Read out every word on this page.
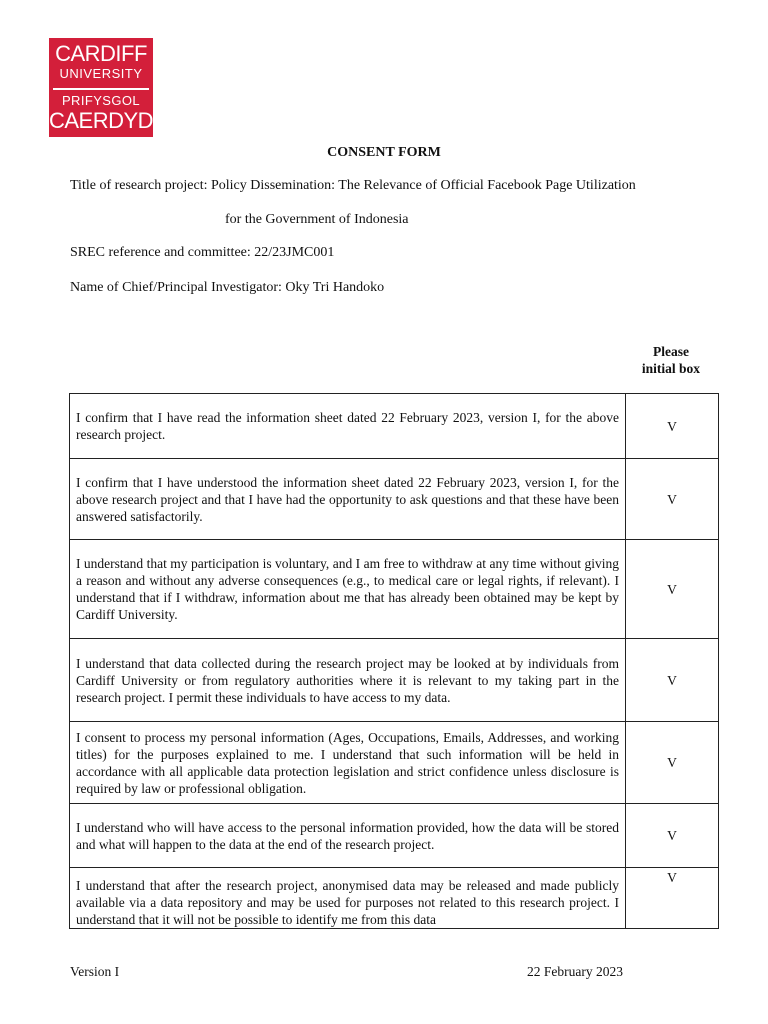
CARDIFF
UNIVERSITY
PRIFYSGOL
CAERDYDD
CONSENT FORM
Title of research project: Policy Dissemination: The Relevance of Official Facebook Page Utilization
for the Government of Indonesia
SREC reference and committee: 22/23JMC001
Name of Chief/Principal Investigator: Oky Tri Handoko
Please
initial box
I confirm that I have read the information sheet dated 22 February 2023, version I, for the above research project.	V
I confirm that I have understood the information sheet dated 22 February 2023, version I, for the above research project and that I have had the opportunity to ask questions and that these have been answered satisfactorily.	V
I understand that my participation is voluntary, and I am free to withdraw at any time without giving a reason and without any adverse consequences (e.g., to medical care or legal rights, if relevant). I understand that if I withdraw, information about me that has already been obtained may be kept by Cardiff University.	V
I understand that data collected during the research project may be looked at by individuals from Cardiff University or from regulatory authorities where it is relevant to my taking part in the research project. I permit these individuals to have access to my data.	V
I consent to process my personal information (Ages, Occupations, Emails, Addresses, and working titles) for the purposes explained to me. I understand that such information will be held in accordance with all applicable data protection legislation and strict confidence unless disclosure is required by law or professional obligation.	V
I understand who will have access to the personal information provided, how the data will be stored and what will happen to the data at the end of the research project.	V
I understand that after the research project, anonymised data may be released and made publicly available via a data repository and may be used for purposes not related to this research project. I understand that it will not be possible to identify me from this data	V
Version I	22 February 2023
